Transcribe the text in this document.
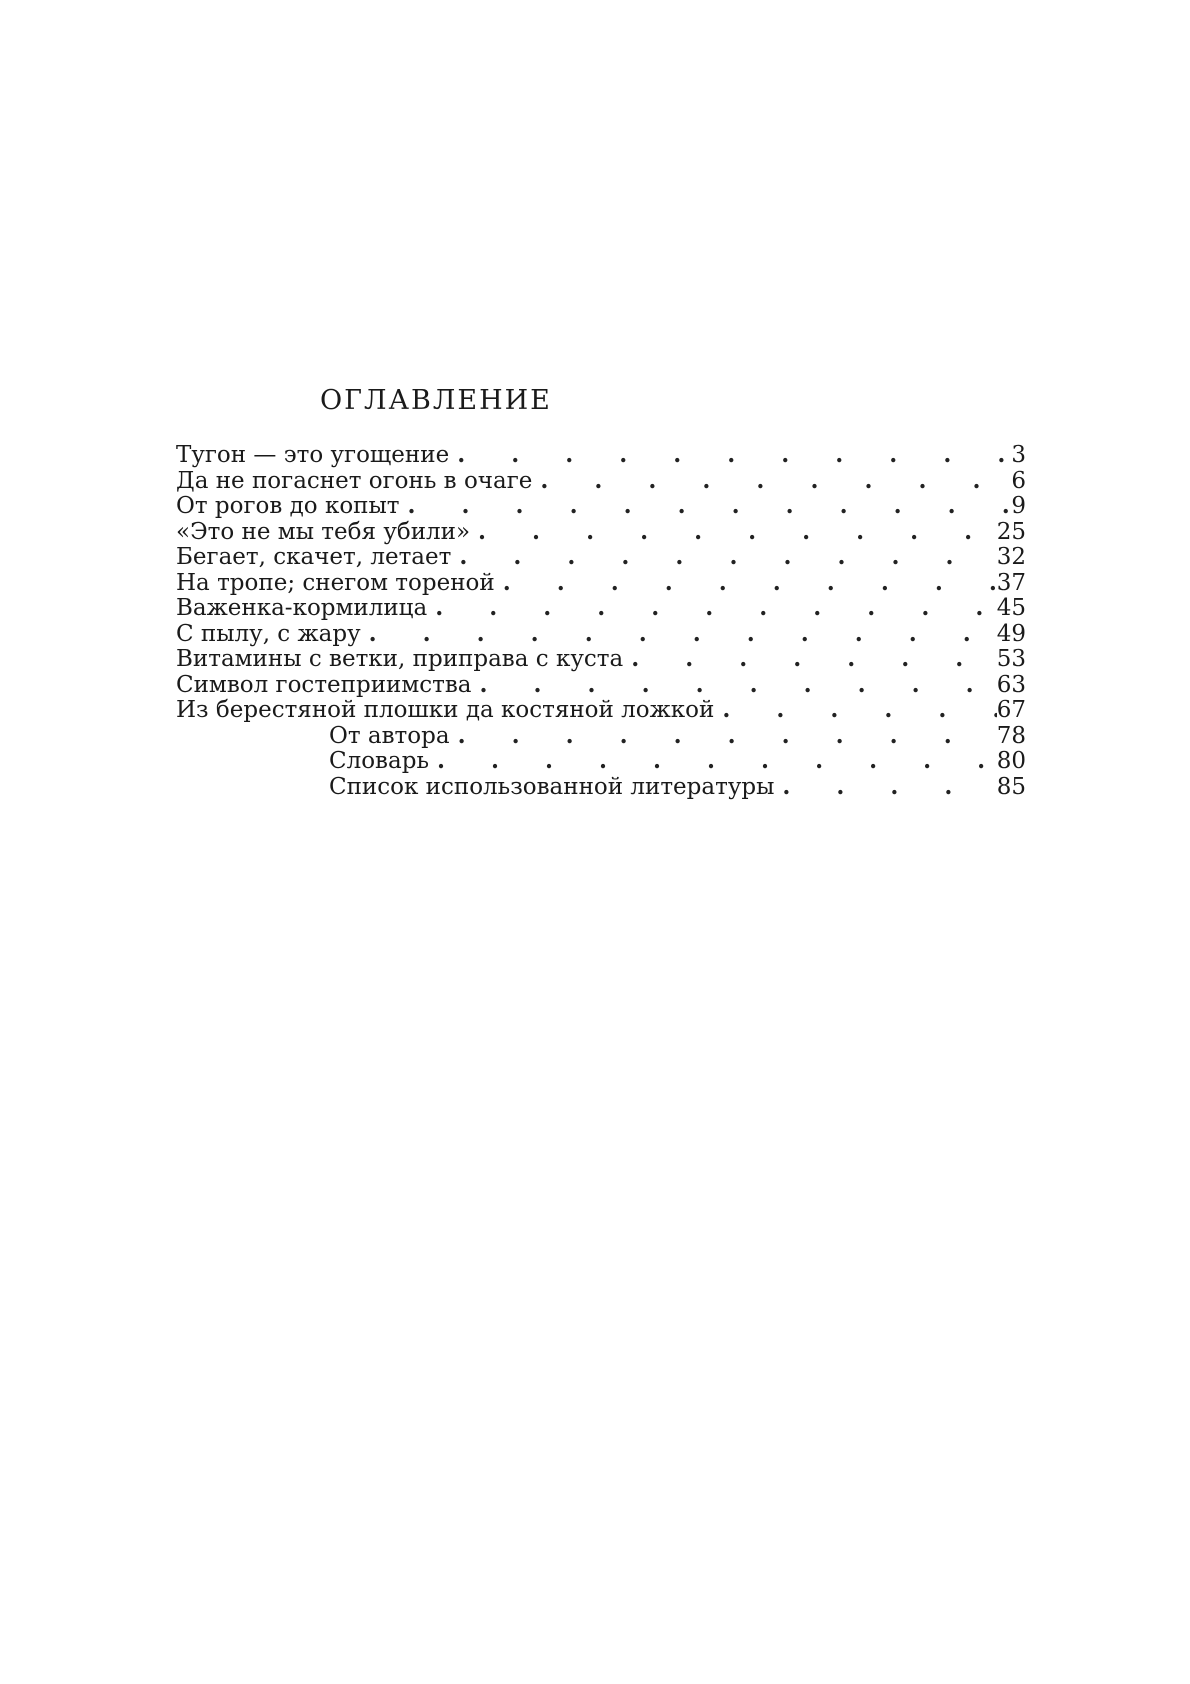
ОГЛАВЛЕНИЕ
Тугон — это угощение . . .	3
Да не погаснет огонь в очаге . . .	6
От рогов до копыт . . .	9
«Это не мы тебя убили» . . .	25
Бегает, скачет, летает . . .	32
На тропе; снегом тореной . . .	37
Важенка-кормилица . . .	45
С пылу, с жару . . .	49
Витамины с ветки, приправа с куста . . .	53
Символ гостеприимства . . .	63
Из берестяной плошки да костяной ложкой . . .	67
От автора . . .	78
Словарь . . .	80
Список использованной литературы . . .	85
